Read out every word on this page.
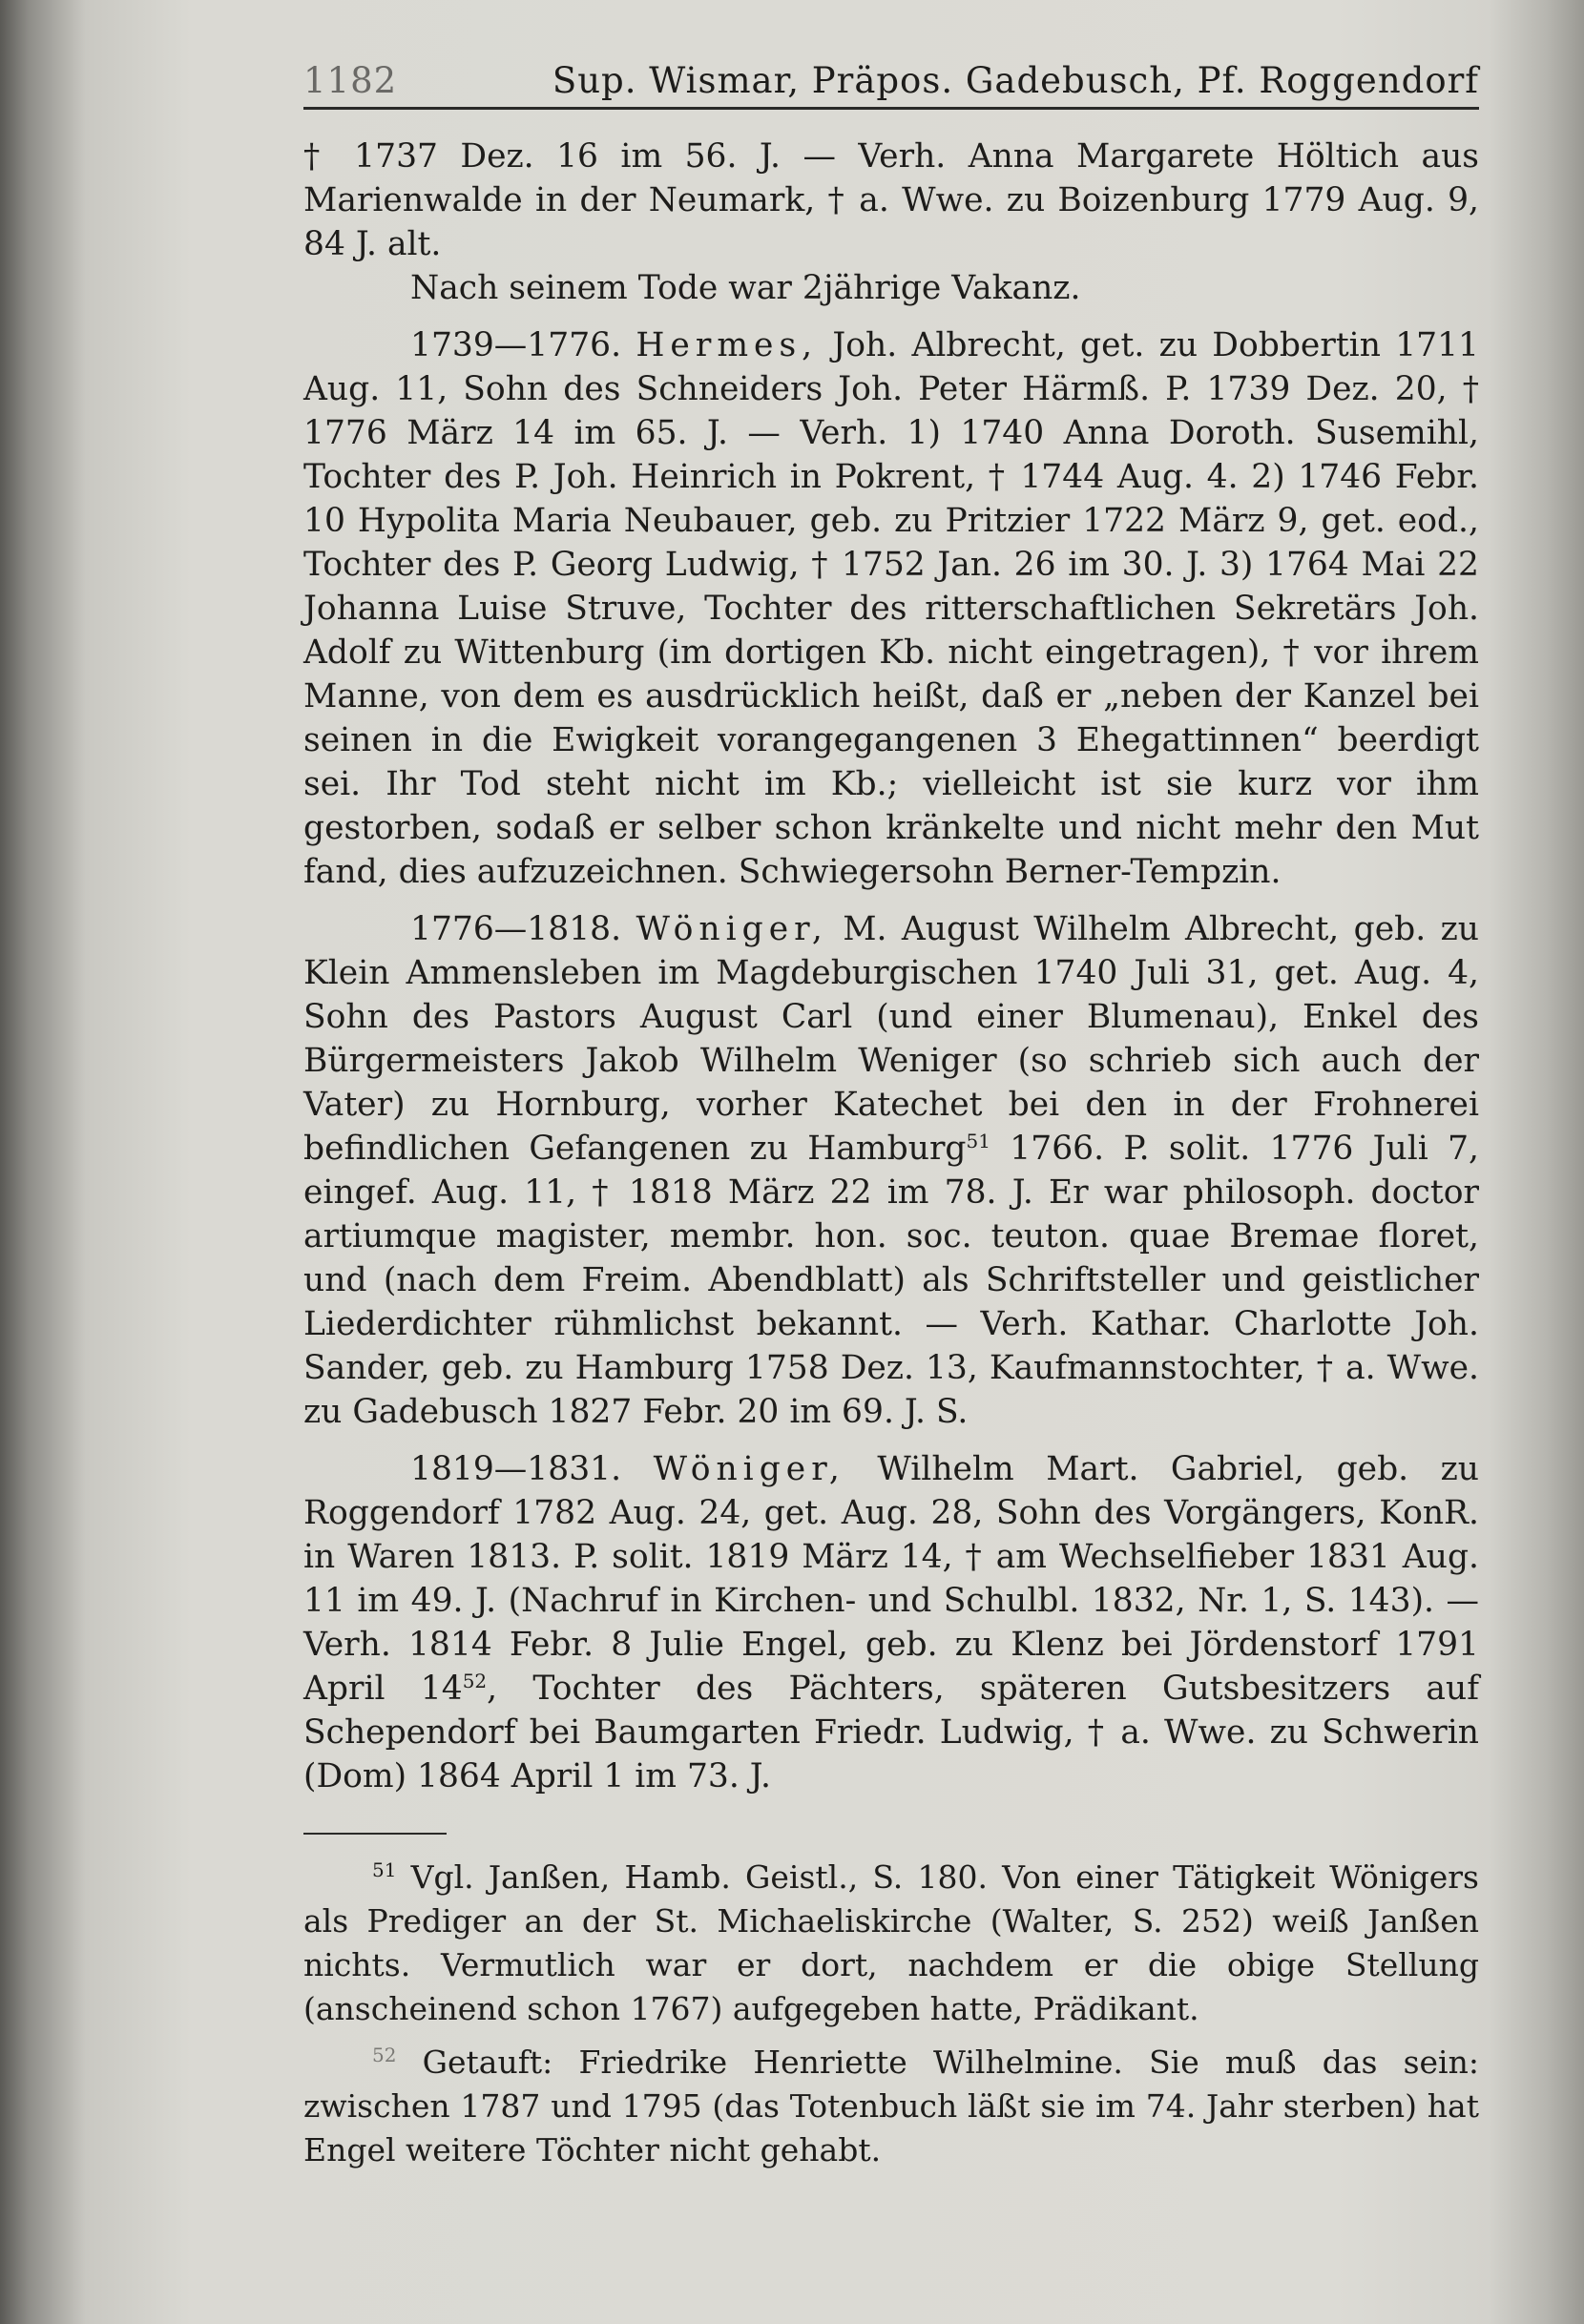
1182	Sup. Wismar, Präpos. Gadebusch, Pf. Roggendorf

† 1737 Dez. 16 im 56. J. — Verh. Anna Margarete Höltich aus Marienwalde in der Neumark, † a. Wwe. zu Boizenburg 1779 Aug. 9, 84 J. alt.

Nach seinem Tode war 2jährige Vakanz.

1739—1776. Hermes, Joh. Albrecht, get. zu Dobbertin 1711 Aug. 11, Sohn des Schneiders Joh. Peter Härmß. P. 1739 Dez. 20, † 1776 März 14 im 65. J. — Verh. 1) 1740 Anna Doroth. Susemihl, Tochter des P. Joh. Heinrich in Pokrent, † 1744 Aug. 4. 2) 1746 Febr. 10 Hypolita Maria Neubauer, geb. zu Pritzier 1722 März 9, get. eod., Tochter des P. Georg Ludwig, † 1752 Jan. 26 im 30. J. 3) 1764 Mai 22 Johanna Luise Struve, Tochter des ritterschaftlichen Sekretärs Joh. Adolf zu Wittenburg (im dortigen Kb. nicht eingetragen), † vor ihrem Manne, von dem es ausdrücklich heißt, daß er „neben der Kanzel bei seinen in die Ewigkeit vorangegangenen 3 Ehegattinnen“ beerdigt sei. Ihr Tod steht nicht im Kb.; vielleicht ist sie kurz vor ihm gestorben, sodaß er selber schon kränkelte und nicht mehr den Mut fand, dies aufzuzeichnen. Schwiegersohn Berner-Tempzin.

1776—1818. Wöniger, M. August Wilhelm Albrecht, geb. zu Klein Ammensleben im Magdeburgischen 1740 Juli 31, get. Aug. 4, Sohn des Pastors August Carl (und einer Blumenau), Enkel des Bürgermeisters Jakob Wilhelm Weniger (so schrieb sich auch der Vater) zu Hornburg, vorher Katechet bei den in der Frohnerei befindlichen Gefangenen zu Hamburg$^{51}$ 1766. P. solit. 1776 Juli 7, eingef. Aug. 11, † 1818 März 22 im 78. J. Er war philosoph. doctor artiumque magister, membr. hon. soc. teuton. quae Bremae floret, und (nach dem Freim. Abendblatt) als Schriftsteller und geistlicher Liederdichter rühmlichst bekannt. — Verh. Kathar. Charlotte Joh. Sander, geb. zu Hamburg 1758 Dez. 13, Kaufmannstochter, † a. Wwe. zu Gadebusch 1827 Febr. 20 im 69. J. S.

1819—1831. Wöniger, Wilhelm Mart. Gabriel, geb. zu Roggendorf 1782 Aug. 24, get. Aug. 28, Sohn des Vorgängers, KonR. in Waren 1813. P. solit. 1819 März 14, † am Wechselfieber 1831 Aug. 11 im 49. J. (Nachruf in Kirchen- und Schulbl. 1832, Nr. 1, S. 143). — Verh. 1814 Febr. 8 Julie Engel, geb. zu Klenz bei Jördenstorf 1791 April $14^{52}$, Tochter des Pächters, späteren Gutsbesitzers auf Schependorf bei Baumgarten Friedr. Ludwig, † a. Wwe. zu Schwerin (Dom) 1864 April 1 im 73. J.

$^{51}$ Vgl. Janßen, Hamb. Geistl., S. 180. Von einer Tätigkeit Wönigers als Prediger an der St. Michaeliskirche (Walter, S. 252) weiß Janßen nichts. Vermutlich war er dort, nachdem er die obige Stellung (anscheinend schon 1767) aufgegeben hatte, Prädikant.

$^{52}$ Getauft: Friedrike Henriette Wilhelmine. Sie muß das sein: zwischen 1787 und 1795 (das Totenbuch läßt sie im 74. Jahr sterben) hat Engel weitere Töchter nicht gehabt.
